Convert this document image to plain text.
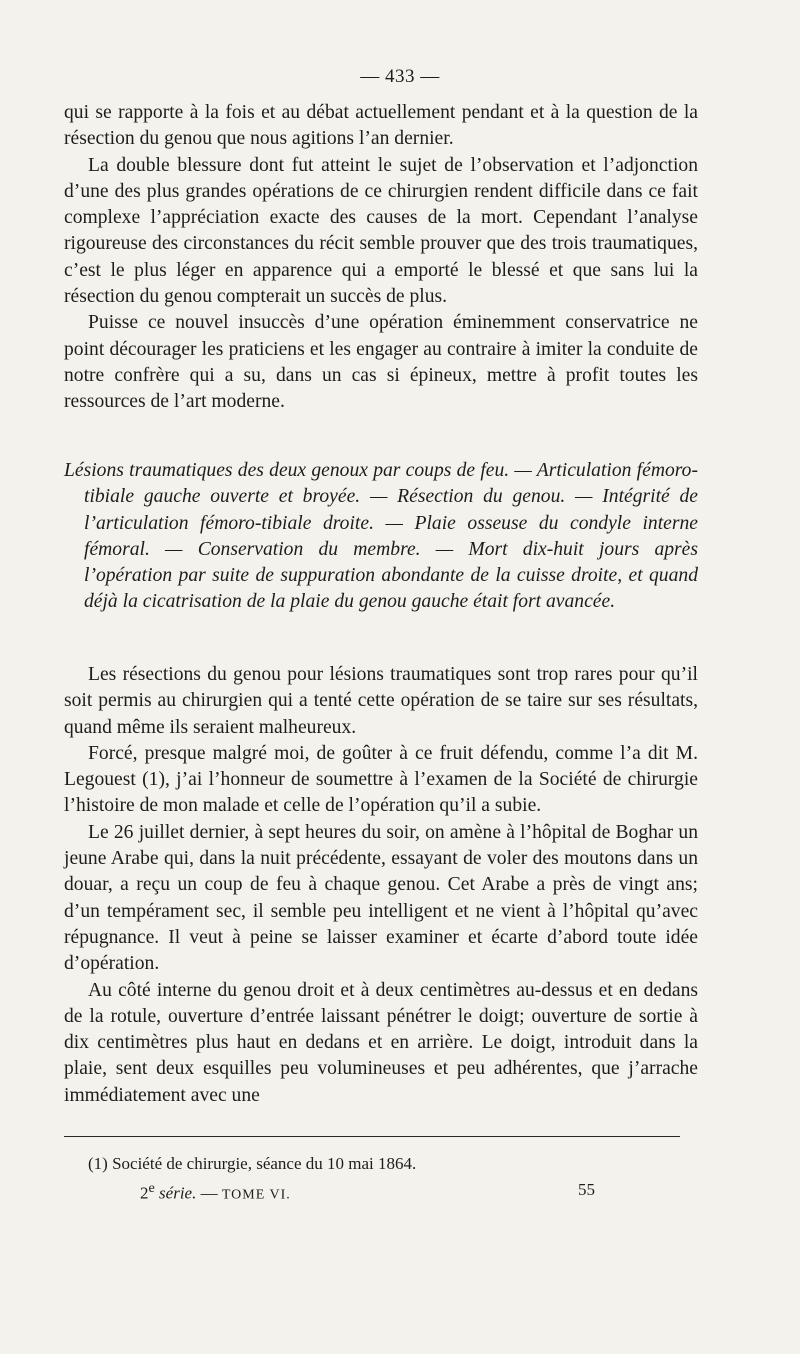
— 433 —

qui se rapporte à la fois et au débat actuellement pendant et à la question de la résection du genou que nous agitions l’an dernier.

La double blessure dont fut atteint le sujet de l’observation et l’adjonction d’une des plus grandes opérations de ce chirurgien rendent difficile dans ce fait complexe l’appréciation exacte des causes de la mort. Cependant l’analyse rigoureuse des circonstances du récit semble prouver que des trois traumatiques, c’est le plus léger en apparence qui a emporté le blessé et que sans lui la résection du genou compterait un succès de plus.

Puisse ce nouvel insuccès d’une opération éminemment conservatrice ne point décourager les praticiens et les engager au contraire à imiter la conduite de notre confrère qui a su, dans un cas si épineux, mettre à profit toutes les ressources de l’art moderne.

Lésions traumatiques des deux genoux par coups de feu. — Articulation fémoro-tibiale gauche ouverte et broyée. — Résection du genou. — Intégrité de l’articulation fémoro-tibiale droite. — Plaie osseuse du condyle interne fémoral. — Conservation du membre. — Mort dix-huit jours après l’opération par suite de suppuration abondante de la cuisse droite, et quand déjà la cicatrisation de la plaie du genou gauche était fort avancée.

Les résections du genou pour lésions traumatiques sont trop rares pour qu’il soit permis au chirurgien qui a tenté cette opération de se taire sur ses résultats, quand même ils seraient malheureux.

Forcé, presque malgré moi, de goûter à ce fruit défendu, comme l’a dit M. Legouest (1), j’ai l’honneur de soumettre à l’examen de la Société de chirurgie l’histoire de mon malade et celle de l’opération qu’il a subie.

Le 26 juillet dernier, à sept heures du soir, on amène à l’hôpital de Boghar un jeune Arabe qui, dans la nuit précédente, essayant de voler des moutons dans un douar, a reçu un coup de feu à chaque genou. Cet Arabe a près de vingt ans; d’un tempérament sec, il semble peu intelligent et ne vient à l’hôpital qu’avec répugnance. Il veut à peine se laisser examiner et écarte d’abord toute idée d’opération.

Au côté interne du genou droit et à deux centimètres au-dessus et en dedans de la rotule, ouverture d’entrée laissant pénétrer le doigt; ouverture de sortie à dix centimètres plus haut en dedans et en arrière. Le doigt, introduit dans la plaie, sent deux esquilles peu volumineuses et peu adhérentes, que j’arrache immédiatement avec une

(1) Société de chirurgie, séance du 10 mai 1864.
2e série. — TOME VI.	55
